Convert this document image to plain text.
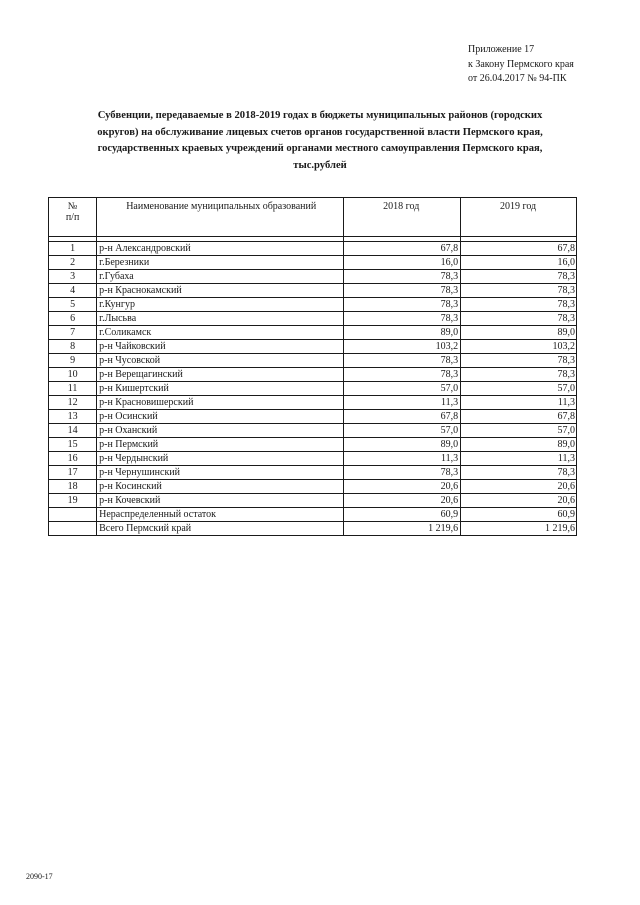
Приложение 17
к Закону Пермского края
от 26.04.2017 № 94-ПК
Субвенции, передаваемые в 2018-2019 годах в бюджеты муниципальных районов (городских
округов) на обслуживание лицевых счетов органов государственной власти Пермского края,
государственных краевых учреждений органами местного самоуправления Пермского края,
тыс.рублей
№
п/п	Наименование муниципальных образований	2018 год	2019 год

1	р-н Александровский	67,8	67,8
2	г.Березники	16,0	16,0
3	г.Губаха	78,3	78,3
4	р-н Краснокамский	78,3	78,3
5	г.Кунгур	78,3	78,3
6	г.Лысьва	78,3	78,3
7	г.Соликамск	89,0	89,0
8	р-н Чайковский	103,2	103,2
9	р-н Чусовской	78,3	78,3
10	р-н Верещагинский	78,3	78,3
11	р-н Кишертский	57,0	57,0
12	р-н Красновишерский	11,3	11,3
13	р-н Осинский	67,8	67,8
14	р-н Оханский	57,0	57,0
15	р-н Пермский	89,0	89,0
16	р-н Чердынский	11,3	11,3
17	р-н Чернушинский	78,3	78,3
18	р-н Косинский	20,6	20,6
19	р-н Кочевский	20,6	20,6
	Нераспределенный остаток	60,9	60,9
	Всего Пермский край	1 219,6	1 219,6
2090-17
